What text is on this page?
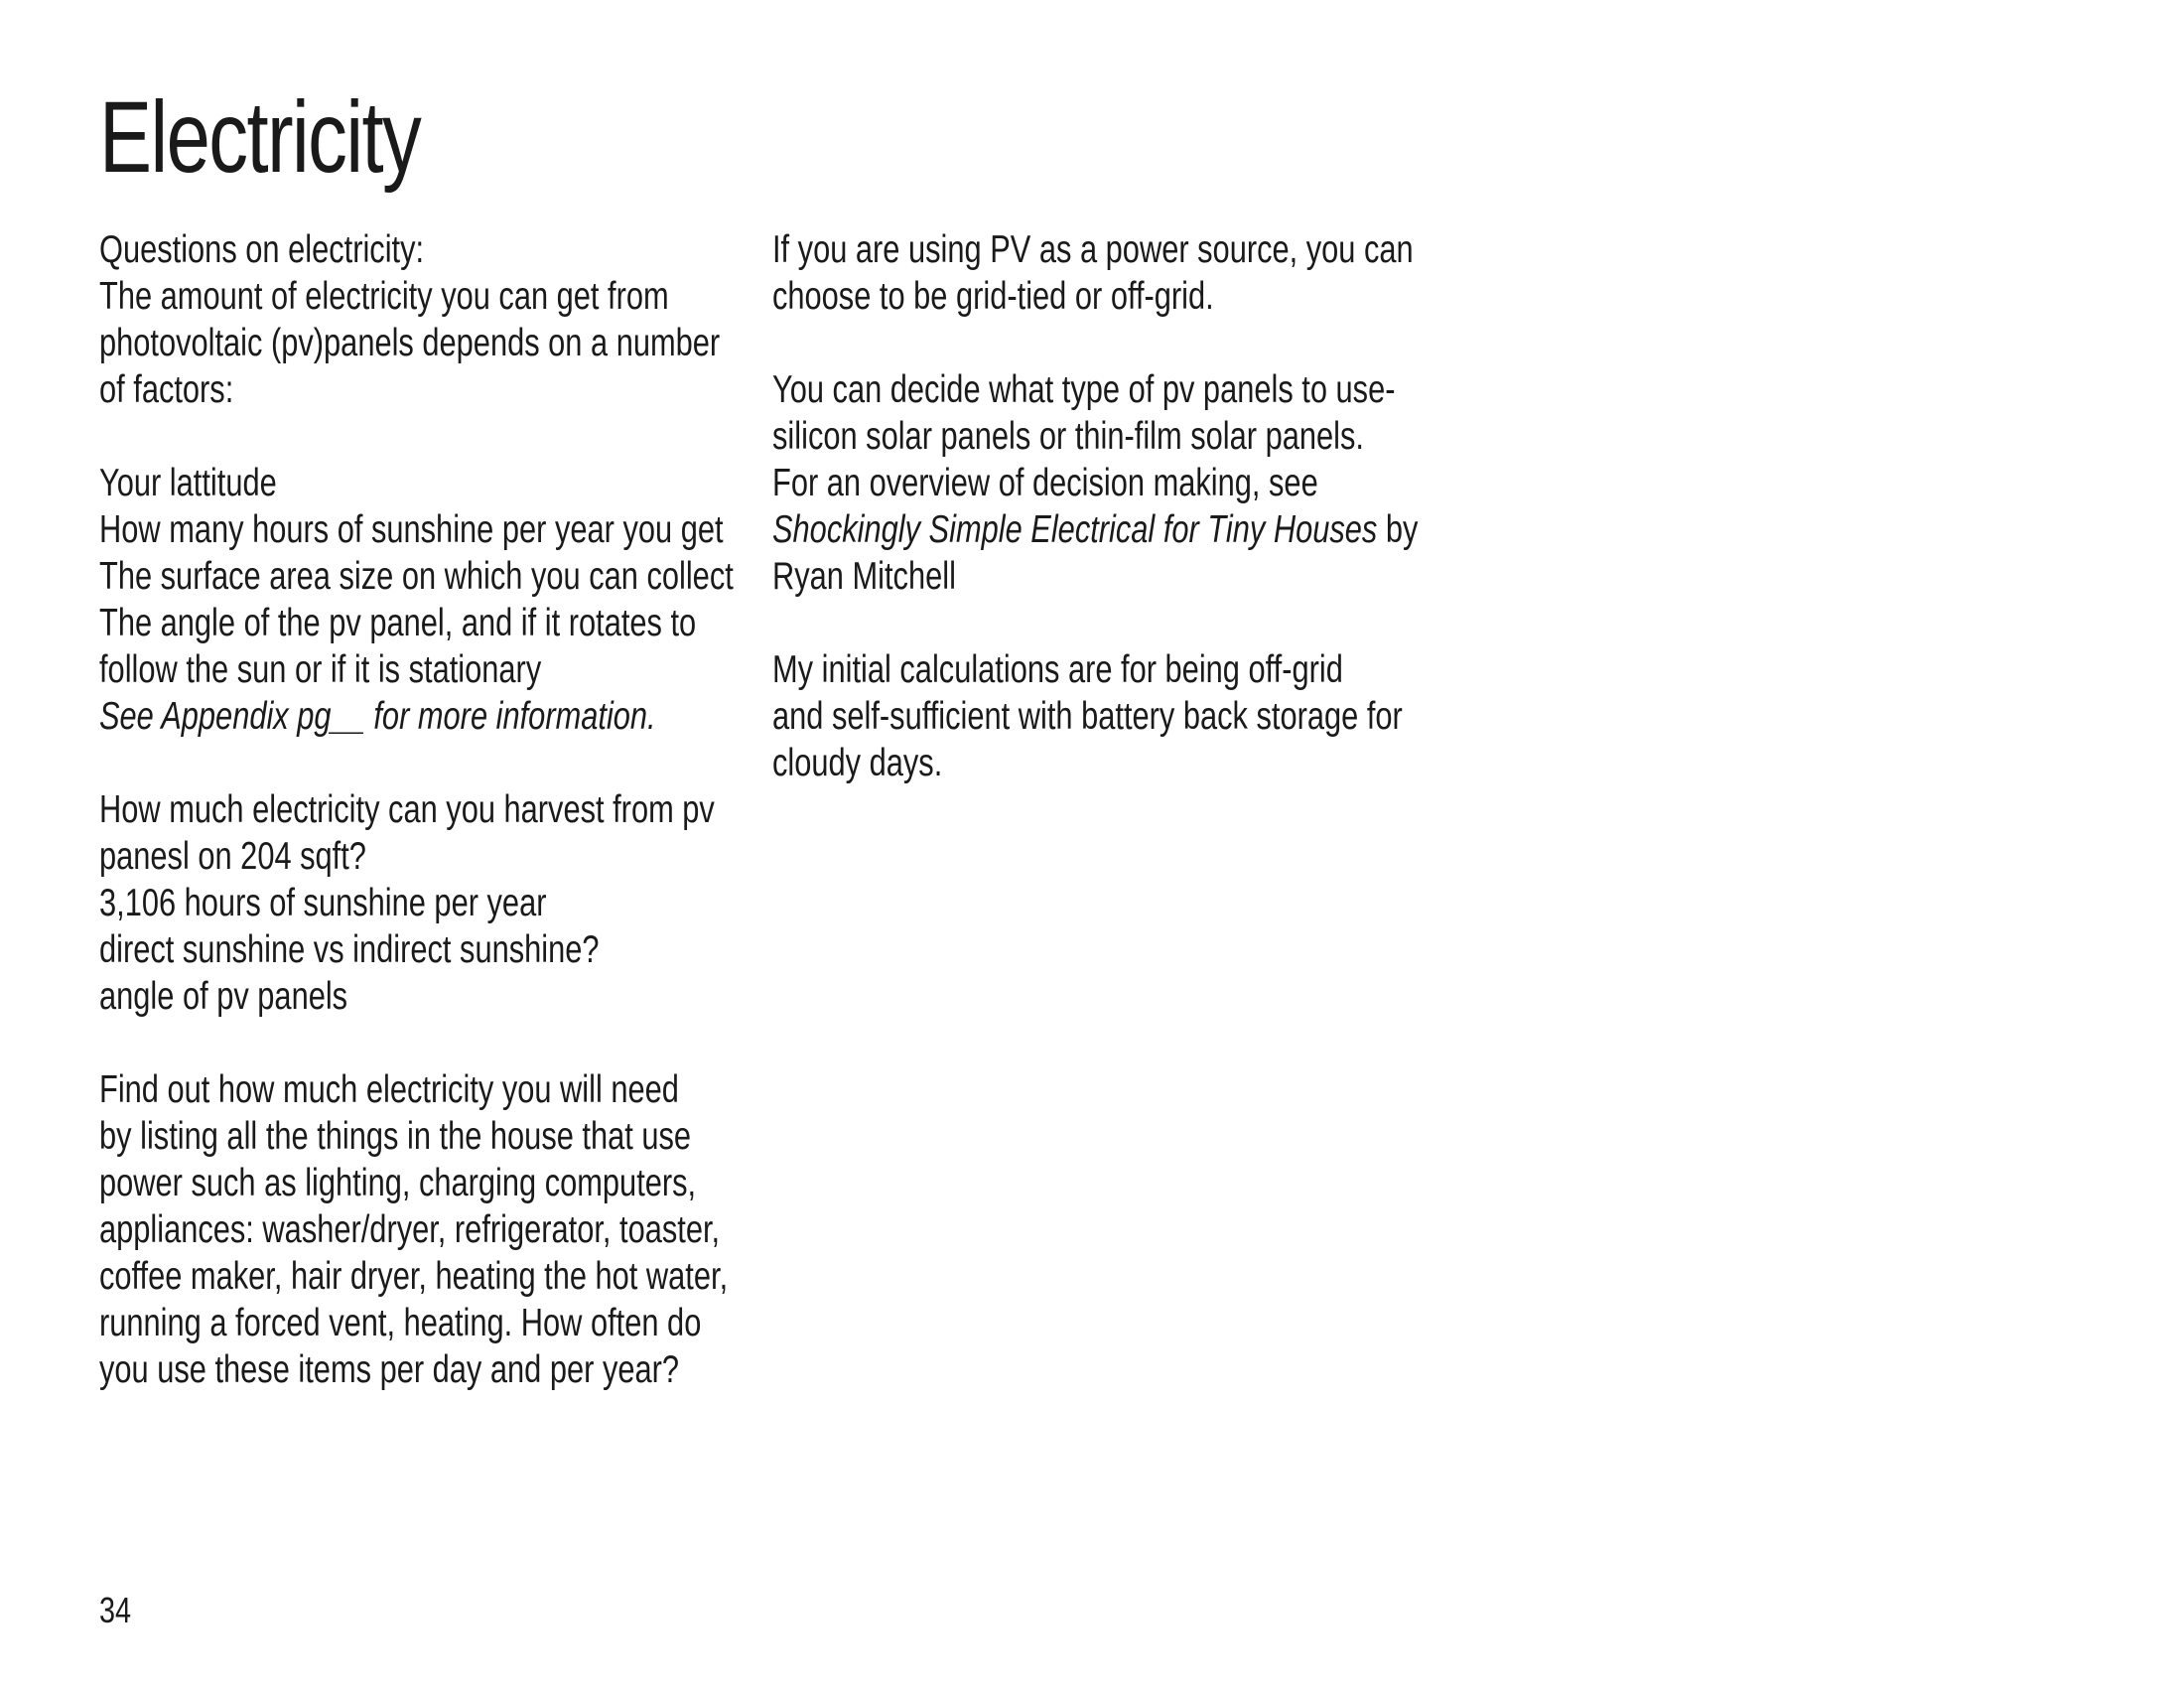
Electricity
Questions on electricity:
The amount of electricity you can get from
photovoltaic (pv)panels depends on a number
of factors:
Your lattitude
How many hours of sunshine per year you get
The surface area size on which you can collect
The angle of the pv panel, and if it rotates to
follow the sun or if it is stationary
See Appendix pg__ for more information.
How much electricity can you harvest from pv
panesl on 204 sqft?
3,106 hours of sunshine per year
direct sunshine vs indirect sunshine?
angle of pv panels
Find out how much electricity you will need
by listing all the things in the house that use
power such as lighting, charging computers,
appliances: washer/dryer, refrigerator, toaster,
coffee maker, hair dryer, heating the hot water,
running a forced vent, heating. How often do
you use these items per day and per year?
If you are using PV as a power source, you can
choose to be grid-tied or off-grid.
You can decide what type of pv panels to use-
silicon solar panels or thin-film solar panels.
For an overview of decision making, see
Shockingly Simple Electrical for Tiny Houses by
Ryan Mitchell
My initial calculations are for being off-grid
and self-sufficient with battery back storage for
cloudy days.
34
